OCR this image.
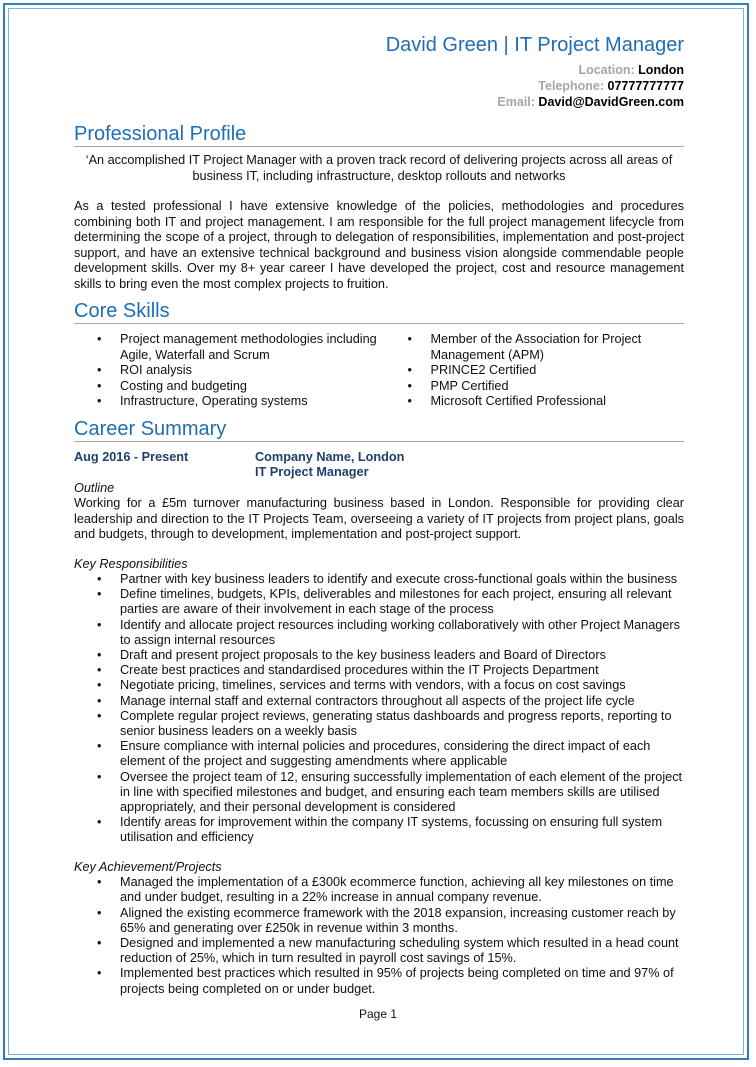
David Green | IT Project Manager
Location: London
Telephone: 07777777777
Email: David@DavidGreen.com
Professional Profile
‘An accomplished IT Project Manager with a proven track record of delivering projects across all areas of business IT, including infrastructure, desktop rollouts and networks
As a tested professional I have extensive knowledge of the policies, methodologies and procedures combining both IT and project management. I am responsible for the full project management lifecycle from determining the scope of a project, through to delegation of responsibilities, implementation and post-project support, and have an extensive technical background and business vision alongside commendable people development skills. Over my 8+ year career I have developed the project, cost and resource management skills to bring even the most complex projects to fruition.
Core Skills
• Project management methodologies including Agile, Waterfall and Scrum
• ROI analysis
• Costing and budgeting
• Infrastructure, Operating systems
• Member of the Association for Project Management (APM)
• PRINCE2 Certified
• PMP Certified
• Microsoft Certified Professional
Career Summary
Aug 2016 - Present	Company Name, London
IT Project Manager
Outline
Working for a £5m turnover manufacturing business based in London. Responsible for providing clear leadership and direction to the IT Projects Team, overseeing a variety of IT projects from project plans, goals and budgets, through to development, implementation and post-project support.
Key Responsibilities
• Partner with key business leaders to identify and execute cross-functional goals within the business
• Define timelines, budgets, KPIs, deliverables and milestones for each project, ensuring all relevant parties are aware of their involvement in each stage of the process
• Identify and allocate project resources including working collaboratively with other Project Managers to assign internal resources
• Draft and present project proposals to the key business leaders and Board of Directors
• Create best practices and standardised procedures within the IT Projects Department
• Negotiate pricing, timelines, services and terms with vendors, with a focus on cost savings
• Manage internal staff and external contractors throughout all aspects of the project life cycle
• Complete regular project reviews, generating status dashboards and progress reports, reporting to senior business leaders on a weekly basis
• Ensure compliance with internal policies and procedures, considering the direct impact of each element of the project and suggesting amendments where applicable
• Oversee the project team of 12, ensuring successfully implementation of each element of the project in line with specified milestones and budget, and ensuring each team members skills are utilised appropriately, and their personal development is considered
• Identify areas for improvement within the company IT systems, focussing on ensuring full system utilisation and efficiency
Key Achievement/Projects
• Managed the implementation of a £300k ecommerce function, achieving all key milestones on time and under budget, resulting in a 22% increase in annual company revenue.
• Aligned the existing ecommerce framework with the 2018 expansion, increasing customer reach by 65% and generating over £250k in revenue within 3 months.
• Designed and implemented a new manufacturing scheduling system which resulted in a head count reduction of 25%, which in turn resulted in payroll cost savings of 15%.
• Implemented best practices which resulted in 95% of projects being completed on time and 97% of projects being completed on or under budget.
Page 1
